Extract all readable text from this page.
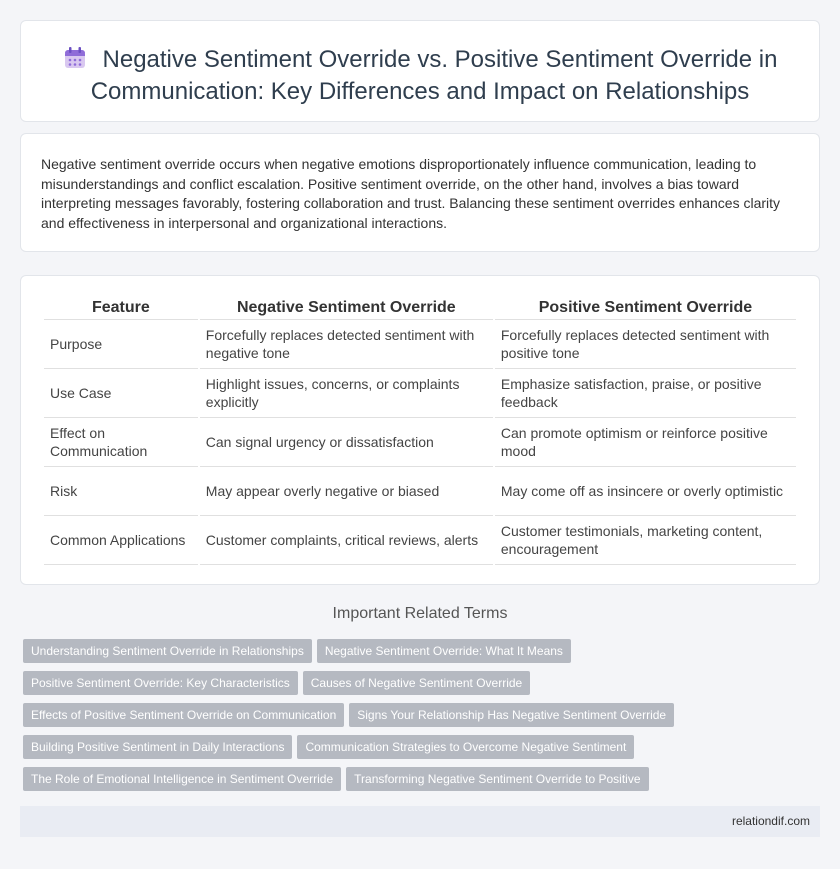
Negative Sentiment Override vs. Positive Sentiment Override in Communication: Key Differences and Impact on Relationships

Negative sentiment override occurs when negative emotions disproportionately influence communication, leading to misunderstandings and conflict escalation. Positive sentiment override, on the other hand, involves a bias toward interpreting messages favorably, fostering collaboration and trust. Balancing these sentiment overrides enhances clarity and effectiveness in interpersonal and organizational interactions.

Feature	Negative Sentiment Override	Positive Sentiment Override
Purpose	Forcefully replaces detected sentiment with negative tone	Forcefully replaces detected sentiment with positive tone
Use Case	Highlight issues, concerns, or complaints explicitly	Emphasize satisfaction, praise, or positive feedback
Effect on Communication	Can signal urgency or dissatisfaction	Can promote optimism or reinforce positive mood
Risk	May appear overly negative or biased	May come off as insincere or overly optimistic
Common Applications	Customer complaints, critical reviews, alerts	Customer testimonials, marketing content, encouragement
Important Related Terms
Understanding Sentiment Override in Relationships Negative Sentiment Override: What It Means
Positive Sentiment Override: Key Characteristics Causes of Negative Sentiment Override
Effects of Positive Sentiment Override on Communication Signs Your Relationship Has Negative Sentiment Override
Building Positive Sentiment in Daily Interactions Communication Strategies to Overcome Negative Sentiment
The Role of Emotional Intelligence in Sentiment Override Transforming Negative Sentiment Override to Positive
relationdif.com
